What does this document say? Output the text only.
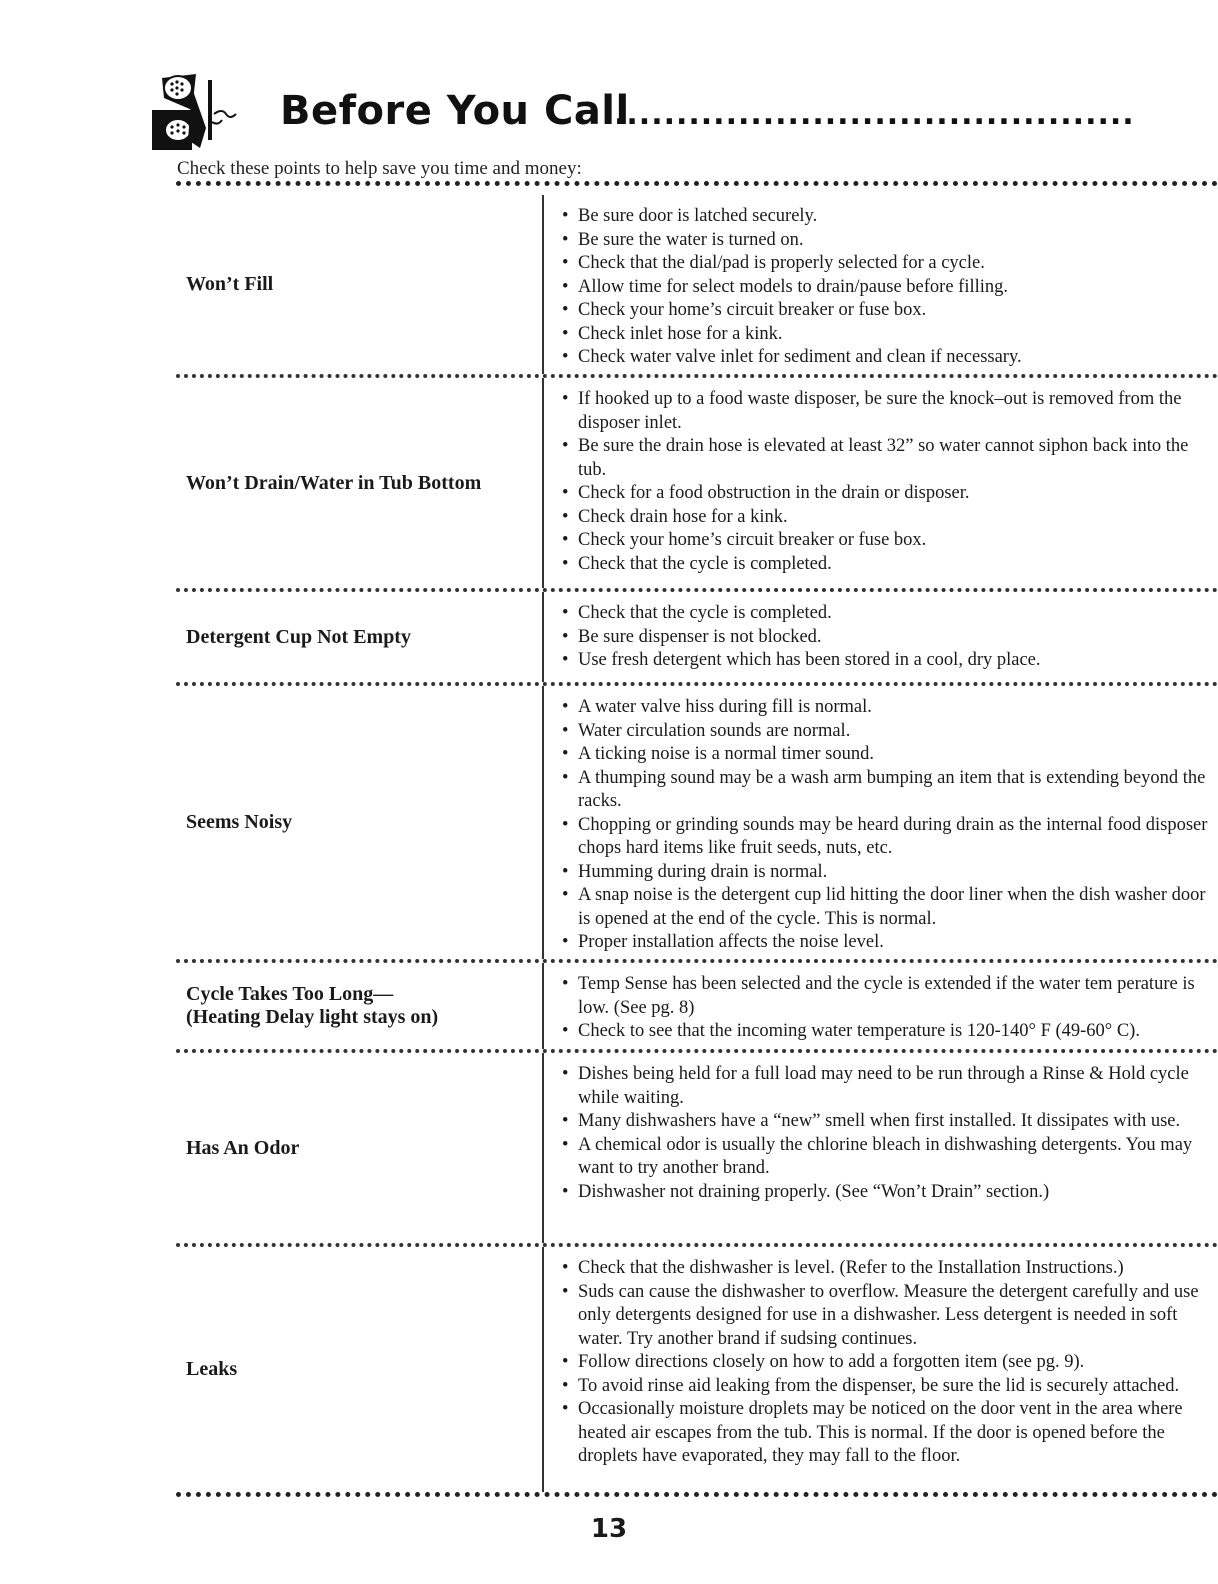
Before You Call
..........................................
Check these points to help save you time and money:
Won’t Fill
• Be sure door is latched securely.
• Be sure the water is turned on.
• Check that the dial/pad is properly selected for a cycle.
• Allow time for select models to drain/pause before filling.
• Check your home’s circuit breaker or fuse box.
• Check inlet hose for a kink.
• Check water valve inlet for sediment and clean if necessary.
Won’t Drain/Water in Tub Bottom
• If hooked up to a food waste disposer, be sure the knock–out is removed from the disposer inlet.
• Be sure the drain hose is elevated at least 32” so water cannot siphon back into the tub.
• Check for a food obstruction in the drain or disposer.
• Check drain hose for a kink.
• Check your home’s circuit breaker or fuse box.
• Check that the cycle is completed.
Detergent Cup Not Empty
• Check that the cycle is completed.
• Be sure dispenser is not blocked.
• Use fresh detergent which has been stored in a cool, dry place.
Seems Noisy
• A water valve hiss during fill is normal.
• Water circulation sounds are normal.
• A ticking noise is a normal timer sound.
• A thumping sound may be a wash arm bumping an item that is extending beyond the racks.
• Chopping or grinding sounds may be heard during drain as the internal food disposer chops hard items like fruit seeds, nuts, etc.
• Humming during drain is normal.
• A snap noise is the detergent cup lid hitting the door liner when the dish washer door is opened at the end of the cycle. This is normal.
• Proper installation affects the noise level.
Cycle Takes Too Long—
(Heating Delay light stays on)
• Temp Sense has been selected and the cycle is extended if the water tem perature is low. (See pg. 8)
• Check to see that the incoming water temperature is 120-140° F (49-60° C).
Has An Odor
• Dishes being held for a full load may need to be run through a Rinse & Hold cycle while waiting.
• Many dishwashers have a “new” smell when first installed. It dissipates with use.
• A chemical odor is usually the chlorine bleach in dishwashing detergents. You may want to try another brand.
• Dishwasher not draining properly. (See “Won’t Drain” section.)
Leaks
• Check that the dishwasher is level. (Refer to the Installation Instructions.)
• Suds can cause the dishwasher to overflow. Measure the detergent carefully and use only detergents designed for use in a dishwasher. Less detergent is needed in soft water. Try another brand if sudsing continues.
• Follow directions closely on how to add a forgotten item (see pg. 9).
• To avoid rinse aid leaking from the dispenser, be sure the lid is securely attached.
• Occasionally moisture droplets may be noticed on the door vent in the area where heated air escapes from the tub. This is normal. If the door is opened before the droplets have evaporated, they may fall to the floor.
13
